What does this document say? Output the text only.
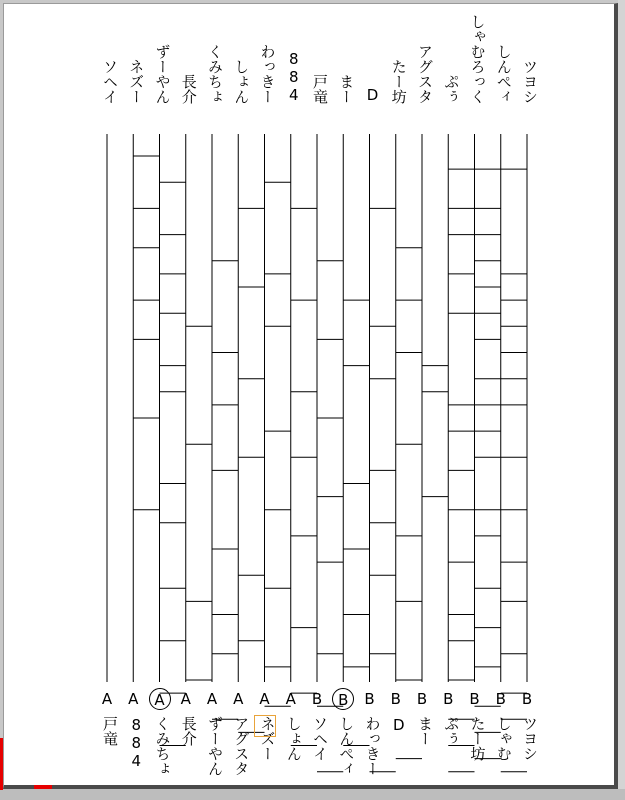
ソヘイ ネズー ずーやん 長介 くみちょ しょん わっきー 884 戸竜 まー D たー坊 アグスタ ぷぅ しゃむろっく しんぺィ ツヨシ
A A	A	A A A A A B	B	B B B B B B B
戸竜 884 くみちょ 長介 ずーやん アグスタ ネズー しょん ソヘイ しんぺィ わっきー D まー ぷぅ たー坊 しゃむ ツヨシ
